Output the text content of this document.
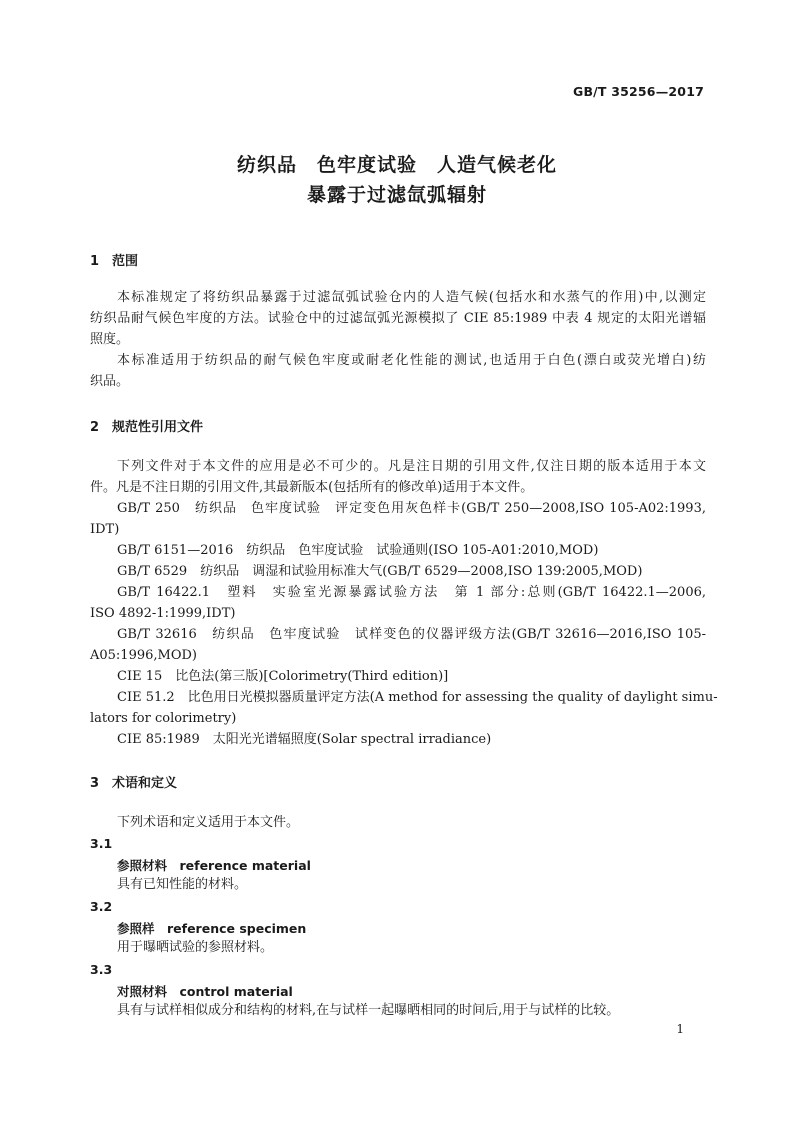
GB/T 35256—2017
纺织品　色牢度试验　人造气候老化
暴露于过滤氙弧辐射
1　范围
本标准规定了将纺织品暴露于过滤氙弧试验仓内的人造气候(包括水和水蒸气的作用)中,以测定
纺织品耐气候色牢度的方法。试验仓中的过滤氙弧光源模拟了 CIE 85:1989 中表 4 规定的太阳光谱辐
照度。
本标准适用于纺织品的耐气候色牢度或耐老化性能的测试,也适用于白色(漂白或荧光增白)纺
织品。
2　规范性引用文件
下列文件对于本文件的应用是必不可少的。凡是注日期的引用文件,仅注日期的版本适用于本文
件。凡是不注日期的引用文件,其最新版本(包括所有的修改单)适用于本文件。
GB/T 250　纺织品　色牢度试验　评定变色用灰色样卡(GB/T 250—2008,ISO 105-A02:1993,
IDT)
GB/T 6151—2016　纺织品　色牢度试验　试验通则(ISO 105-A01:2010,MOD)
GB/T 6529　纺织品　调湿和试验用标准大气(GB/T 6529—2008,ISO 139:2005,MOD)
GB/T 16422.1　塑料　实验室光源暴露试验方法　第 1 部分:总则(GB/T 16422.1—2006,
ISO 4892-1:1999,IDT)
GB/T 32616　纺织品　色牢度试验　试样变色的仪器评级方法(GB/T 32616—2016,ISO 105-
A05:1996,MOD)
CIE 15　比色法(第三版)[Colorimetry(Third edition)]
CIE 51.2　比色用日光模拟器质量评定方法(A method for assessing the quality of daylight simu-
lators for colorimetry)
CIE 85:1989　太阳光光谱辐照度(Solar spectral irradiance)
3　术语和定义
下列术语和定义适用于本文件。
3.1
参照材料　reference material
具有已知性能的材料。
3.2
参照样　reference specimen
用于曝晒试验的参照材料。
3.3
对照材料　control material
具有与试样相似成分和结构的材料,在与试样一起曝晒相同的时间后,用于与试样的比较。
1
